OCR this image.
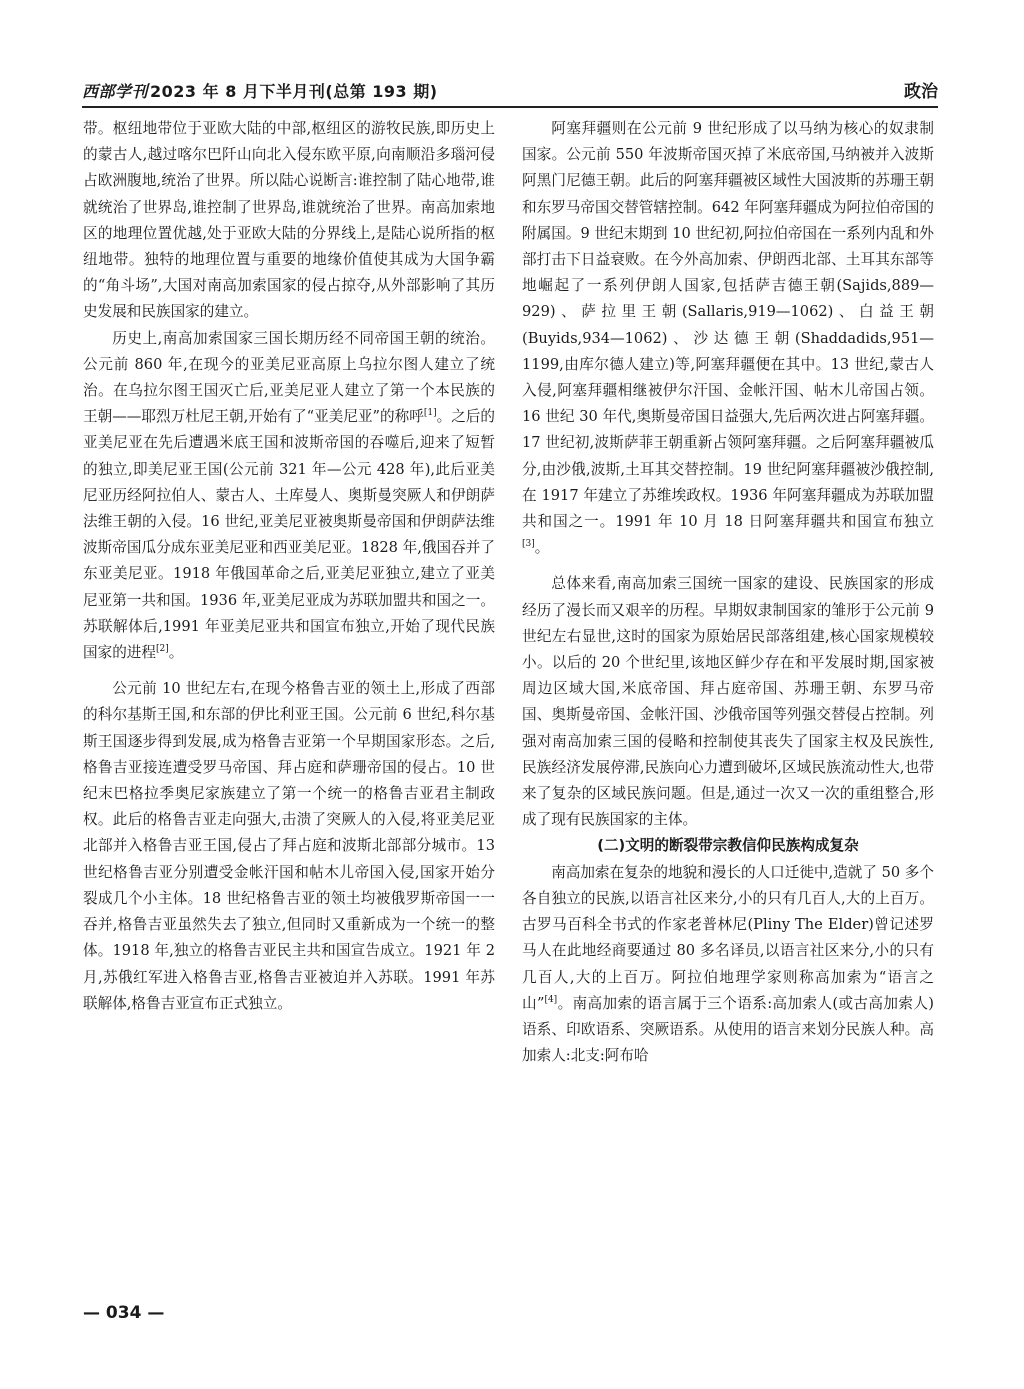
西部学刊 2023 年 8 月下半月刊(总第 193 期)	政治

带。枢纽地带位于亚欧大陆的中部,枢纽区的游牧民族,即历史上的蒙古人,越过喀尔巴阡山向北入侵东欧平原,向南顺沿多瑙河侵占欧洲腹地,统治了世界。所以陆心说断言:谁控制了陆心地带,谁就统治了世界岛,谁控制了世界岛,谁就统治了世界。南高加索地区的地理位置优越,处于亚欧大陆的分界线上,是陆心说所指的枢纽地带。独特的地理位置与重要的地缘价值使其成为大国争霸的“角斗场”,大国对南高加索国家的侵占掠夺,从外部影响了其历史发展和民族国家的建立。

历史上,南高加索国家三国长期历经不同帝国王朝的统治。公元前 860 年,在现今的亚美尼亚高原上乌拉尔图人建立了统治。在乌拉尔图王国灭亡后,亚美尼亚人建立了第一个本民族的王朝——耶烈万杜尼王朝,开始有了“亚美尼亚”的称呼[1]。之后的亚美尼亚在先后遭遇米底王国和波斯帝国的吞噬后,迎来了短暂的独立,即美尼亚王国(公元前 321 年—公元 428 年),此后亚美尼亚历经阿拉伯人、蒙古人、土库曼人、奥斯曼突厥人和伊朗萨法维王朝的入侵。16 世纪,亚美尼亚被奥斯曼帝国和伊朗萨法维波斯帝国瓜分成东亚美尼亚和西亚美尼亚。1828 年,俄国吞并了东亚美尼亚。1918 年俄国革命之后,亚美尼亚独立,建立了亚美尼亚第一共和国。1936 年,亚美尼亚成为苏联加盟共和国之一。苏联解体后,1991 年亚美尼亚共和国宣布独立,开始了现代民族国家的进程[2]。

公元前 10 世纪左右,在现今格鲁吉亚的领土上,形成了西部的科尔基斯王国,和东部的伊比利亚王国。公元前 6 世纪,科尔基斯王国逐步得到发展,成为格鲁吉亚第一个早期国家形态。之后,格鲁吉亚接连遭受罗马帝国、拜占庭和萨珊帝国的侵占。10 世纪末巴格拉季奥尼家族建立了第一个统一的格鲁吉亚君主制政权。此后的格鲁吉亚走向强大,击溃了突厥人的入侵,将亚美尼亚北部并入格鲁吉亚王国,侵占了拜占庭和波斯北部部分城市。13 世纪格鲁吉亚分别遭受金帐汗国和帖木儿帝国入侵,国家开始分裂成几个小主体。18 世纪格鲁吉亚的领土均被俄罗斯帝国一一吞并,格鲁吉亚虽然失去了独立,但同时又重新成为一个统一的整体。1918 年,独立的格鲁吉亚民主共和国宣告成立。1921 年 2 月,苏俄红军进入格鲁吉亚,格鲁吉亚被迫并入苏联。1991 年苏联解体,格鲁吉亚宣布正式独立。

阿塞拜疆则在公元前 9 世纪形成了以马纳为核心的奴隶制国家。公元前 550 年波斯帝国灭掉了米底帝国,马纳被并入波斯阿黑门尼德王朝。此后的阿塞拜疆被区域性大国波斯的苏珊王朝和东罗马帝国交替管辖控制。642 年阿塞拜疆成为阿拉伯帝国的附属国。9 世纪末期到 10 世纪初,阿拉伯帝国在一系列内乱和外部打击下日益衰败。在今外高加索、伊朗西北部、土耳其东部等地崛起了一系列伊朗人国家,包括萨吉德王朝(Sajids,889—929)、萨拉里王朝(Sallaris,919—1062)、白益王朝(Buyids,934—1062)、沙达德王朝(Shaddadids,951—1199,由库尔德人建立)等,阿塞拜疆便在其中。13 世纪,蒙古人入侵,阿塞拜疆相继被伊尔汗国、金帐汗国、帖木儿帝国占领。16 世纪 30 年代,奥斯曼帝国日益强大,先后两次进占阿塞拜疆。17 世纪初,波斯萨菲王朝重新占领阿塞拜疆。之后阿塞拜疆被瓜分,由沙俄,波斯,土耳其交替控制。19 世纪阿塞拜疆被沙俄控制,在 1917 年建立了苏维埃政权。1936 年阿塞拜疆成为苏联加盟共和国之一。1991 年 10 月 18 日阿塞拜疆共和国宣布独立[3]。

总体来看,南高加索三国统一国家的建设、民族国家的形成经历了漫长而又艰辛的历程。早期奴隶制国家的雏形于公元前 9 世纪左右显世,这时的国家为原始居民部落组建,核心国家规模较小。以后的 20 个世纪里,该地区鲜少存在和平发展时期,国家被周边区域大国,米底帝国、拜占庭帝国、苏珊王朝、东罗马帝国、奥斯曼帝国、金帐汗国、沙俄帝国等列强交替侵占控制。列强对南高加索三国的侵略和控制使其丧失了国家主权及民族性,民族经济发展停滞,民族向心力遭到破坏,区域民族流动性大,也带来了复杂的区域民族问题。但是,通过一次又一次的重组整合,形成了现有民族国家的主体。

(二)文明的断裂带宗教信仰民族构成复杂

南高加索在复杂的地貌和漫长的人口迁徙中,造就了 50 多个各自独立的民族,以语言社区来分,小的只有几百人,大的上百万。古罗马百科全书式的作家老普林尼(Pliny The Elder)曾记述罗马人在此地经商要通过 80 多名译员,以语言社区来分,小的只有几百人,大的上百万。阿拉伯地理学家则称高加索为“语言之山”[4]。南高加索的语言属于三个语系:高加索人(或古高加索人)语系、印欧语系、突厥语系。从使用的语言来划分民族人种。高加索人:北支:阿布哈

— 034 —
